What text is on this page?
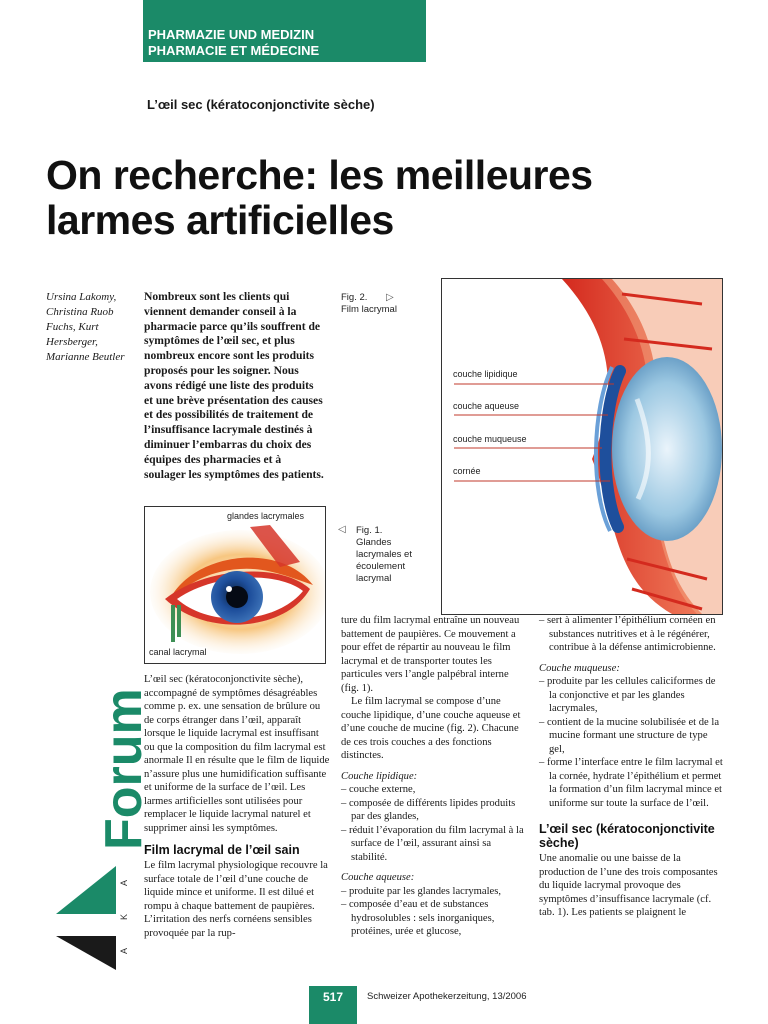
PHARMAZIE UND MEDIZIN
PHARMACIE ET MÉDECINE
L’œil sec (kératoconjonctivite sèche)
On recherche: les meilleures
larmes artificielles
Ursina Lakomy, Christina Ruob Fuchs, Kurt Hersberger, Marianne Beutler

Nombreux sont les clients qui viennent demander conseil à la pharmacie parce qu’ils souffrent de symptômes de l’œil sec, et plus nombreux encore sont les produits proposés pour les soigner. Nous avons rédigé une liste des produits et une brève présentation des causes et des possibilités de traitement de l’insuffisance lacrymale destinés à diminuer l’embarras du choix des équipes des pharmacies et à soulager les symptômes des patients.

Fig. 2. ▷
Film lacrymal
couche lipidique
couche aqueuse
couche muqueuse
cornée
glandes lacrymales
canal lacrymal
◁ Fig. 1.
Glandes lacrymales et écoulement lacrymal

L’œil sec (kératoconjonctivite sèche), accompagné de symptômes désagréables comme p. ex. une sensation de brûlure ou de corps étranger dans l’œil, apparaît lorsque le liquide lacrymal est insuffisant ou que la composition du film lacrymal est anormale Il en résulte que le film de liquide n’assure plus une humidification suffisante et uniforme de la surface de l’œil. Les larmes artificielles sont utilisées pour remplacer le liquide lacrymal naturel et supprimer ainsi les symptômes.

Film lacrymal de l’œil sain

Le film lacrymal physiologique recouvre la surface totale de l’œil d’une couche de liquide mince et uniforme. Il est dilué et rompu à chaque battement de paupières. L’irritation des nerfs cornéens sensibles provoquée par la rup-

ture du film lacrymal entraîne un nouveau battement de paupières. Ce mouvement a pour effet de répartir au nouveau le film lacrymal et de transporter toutes les particules vers l’angle palpébral interne (fig. 1).

Le film lacrymal se compose d’une couche lipidique, d’une couche aqueuse et d’une couche de mucine (fig. 2). Chacune de ces trois couches a des fonctions distinctes.

Couche lipidique:

– couche externe,
– composée de différents lipides produits par des glandes,
– réduit l’évaporation du film lacrymal à la surface de l’œil, assurant ainsi sa stabilité.

Couche aqueuse:

– produite par les glandes lacrymales,
– composée d’eau et de substances hydrosolubles : sels inorganiques, protéines, urée et glucose,
– sert à alimenter l’épithélium cornéen en substances nutritives et à le régénérer, contribue à la défense antimicrobienne.

Couche muqueuse:

– produite par les cellules caliciformes de la conjonctive et par les glandes lacrymales,
– contient de la mucine solubilisée et de la mucine formant une structure de type gel,
– forme l’interface entre le film lacrymal et la cornée, hydrate l’épithélium et permet la formation d’un film lacrymal mince et uniforme sur toute la surface de l’œil.
L’œil sec (kératoconjonctivite sèche)

Une anomalie ou une baisse de la production de l’une des trois composantes du liquide lacrymal provoque des symptômes d’insuffisance lacrymale (cf. tab. 1). Les patients se plaignent le

Forum
A
K
A
517	Schweizer Apothekerzeitung, 13/2006
